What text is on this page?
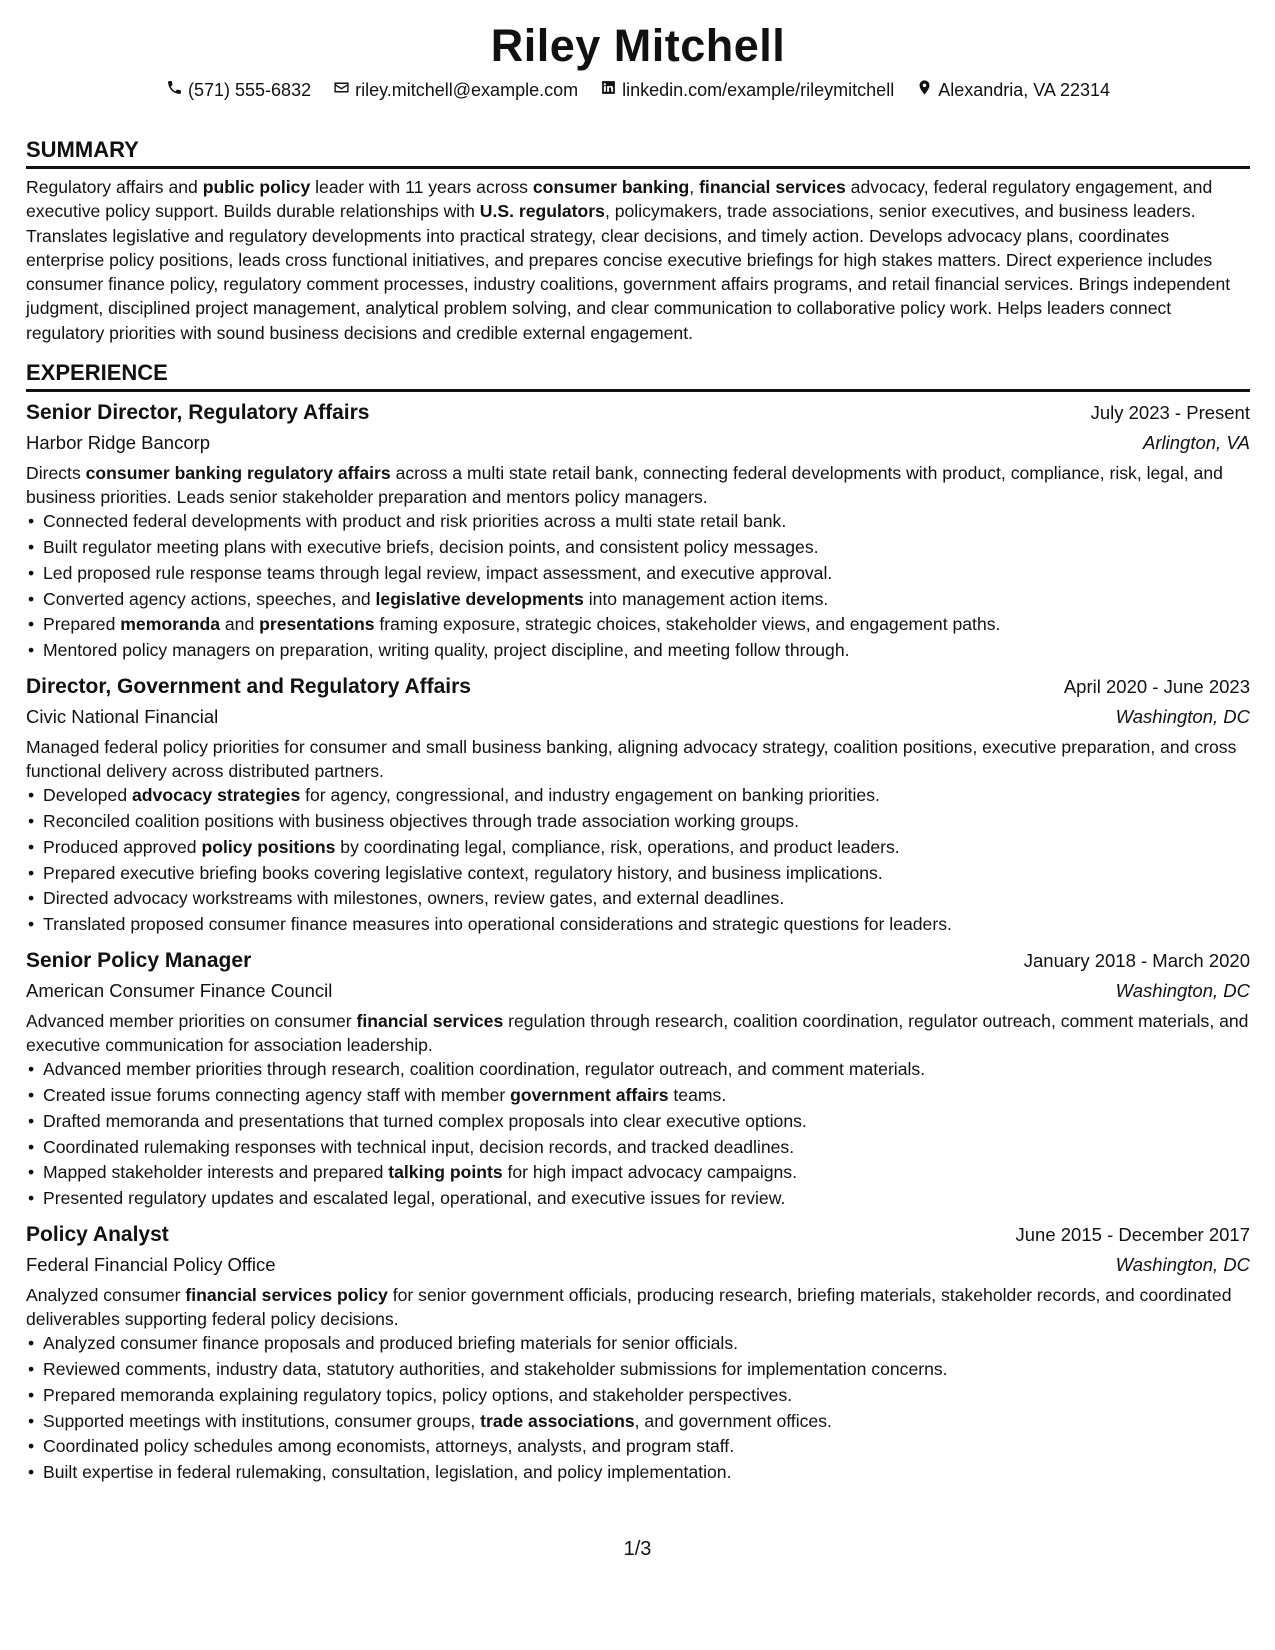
Riley Mitchell
(571) 555-6832 riley.mitchell@example.com linkedin.com/example/rileymitchell Alexandria, VA 22314
SUMMARY

Regulatory affairs and public policy leader with 11 years across consumer banking, financial services advocacy, federal regulatory engagement, and executive policy support. Builds durable relationships with U.S. regulators, policymakers, trade associations, senior executives, and business leaders. Translates legislative and regulatory developments into practical strategy, clear decisions, and timely action. Develops advocacy plans, coordinates enterprise policy positions, leads cross functional initiatives, and prepares concise executive briefings for high stakes matters. Direct experience includes consumer finance policy, regulatory comment processes, industry coalitions, government affairs programs, and retail financial services. Brings independent judgment, disciplined project management, analytical problem solving, and clear communication to collaborative policy work. Helps leaders connect regulatory priorities with sound business decisions and credible external engagement.

EXPERIENCE
Senior Director, Regulatory Affairs	July 2023 - Present
Harbor Ridge Bancorp	Arlington, VA

Directs consumer banking regulatory affairs across a multi state retail bank, connecting federal developments with product, compliance, risk, legal, and business priorities. Leads senior stakeholder preparation and mentors policy managers.

• Connected federal developments with product and risk priorities across a multi state retail bank.
• Built regulator meeting plans with executive briefs, decision points, and consistent policy messages.
• Led proposed rule response teams through legal review, impact assessment, and executive approval.
• Converted agency actions, speeches, and legislative developments into management action items.
• Prepared memoranda and presentations framing exposure, strategic choices, stakeholder views, and engagement paths.
• Mentored policy managers on preparation, writing quality, project discipline, and meeting follow through.
Director, Government and Regulatory Affairs	April 2020 - June 2023
Civic National Financial	Washington, DC

Managed federal policy priorities for consumer and small business banking, aligning advocacy strategy, coalition positions, executive preparation, and cross functional delivery across distributed partners.

• Developed advocacy strategies for agency, congressional, and industry engagement on banking priorities.
• Reconciled coalition positions with business objectives through trade association working groups.
• Produced approved policy positions by coordinating legal, compliance, risk, operations, and product leaders.
• Prepared executive briefing books covering legislative context, regulatory history, and business implications.
• Directed advocacy workstreams with milestones, owners, review gates, and external deadlines.
• Translated proposed consumer finance measures into operational considerations and strategic questions for leaders.
Senior Policy Manager	January 2018 - March 2020
American Consumer Finance Council	Washington, DC

Advanced member priorities on consumer financial services regulation through research, coalition coordination, regulator outreach, comment materials, and executive communication for association leadership.

• Advanced member priorities through research, coalition coordination, regulator outreach, and comment materials.
• Created issue forums connecting agency staff with member government affairs teams.
• Drafted memoranda and presentations that turned complex proposals into clear executive options.
• Coordinated rulemaking responses with technical input, decision records, and tracked deadlines.
• Mapped stakeholder interests and prepared talking points for high impact advocacy campaigns.
• Presented regulatory updates and escalated legal, operational, and executive issues for review.
Policy Analyst	June 2015 - December 2017
Federal Financial Policy Office	Washington, DC

Analyzed consumer financial services policy for senior government officials, producing research, briefing materials, stakeholder records, and coordinated deliverables supporting federal policy decisions.

• Analyzed consumer finance proposals and produced briefing materials for senior officials.
• Reviewed comments, industry data, statutory authorities, and stakeholder submissions for implementation concerns.
• Prepared memoranda explaining regulatory topics, policy options, and stakeholder perspectives.
• Supported meetings with institutions, consumer groups, trade associations, and government offices.
• Coordinated policy schedules among economists, attorneys, analysts, and program staff.
• Built expertise in federal rulemaking, consultation, legislation, and policy implementation.
1/3
